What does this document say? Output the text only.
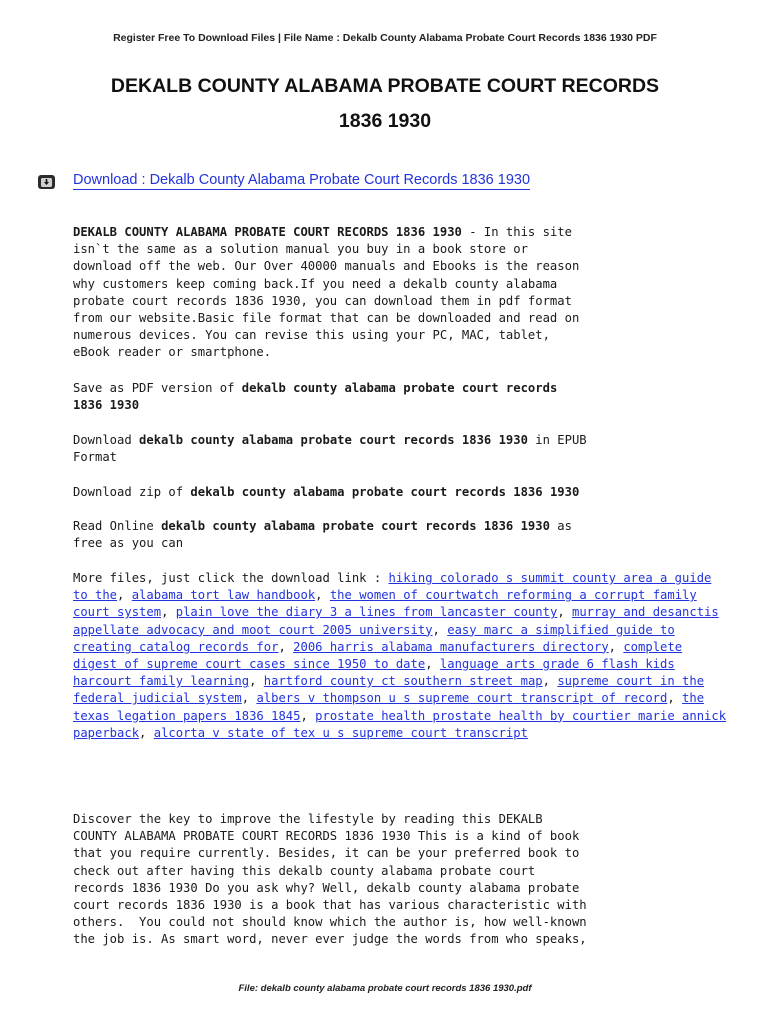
Register Free To Download Files | File Name : Dekalb County Alabama Probate Court Records 1836 1930 PDF
DEKALB COUNTY ALABAMA PROBATE COURT RECORDS
1836 1930
Download : Dekalb County Alabama Probate Court Records 1836 1930
DEKALB COUNTY ALABAMA PROBATE COURT RECORDS 1836 1930 - In this site
isn`t the same as a solution manual you buy in a book store or
download off the web. Our Over 40000 manuals and Ebooks is the reason
why customers keep coming back.If you need a dekalb county alabama
probate court records 1836 1930, you can download them in pdf format
from our website.Basic file format that can be downloaded and read on
numerous devices. You can revise this using your PC, MAC, tablet,
eBook reader or smartphone.
Save as PDF version of dekalb county alabama probate court records
1836 1930
Download dekalb county alabama probate court records 1836 1930 in EPUB
Format
Download zip of dekalb county alabama probate court records 1836 1930
Read Online dekalb county alabama probate court records 1836 1930 as
free as you can
More files, just click the download link : hiking colorado s summit county area a guide to the, alabama tort law handbook, the women of courtwatch reforming a corrupt family court system, plain love the diary 3 a lines from lancaster county, murray and desanctis appellate advocacy and moot court 2005 university, easy marc a simplified guide to creating catalog records for, 2006 harris alabama manufacturers directory, complete digest of supreme court cases since 1950 to date, language arts grade 6 flash kids harcourt family learning, hartford county ct southern street map, supreme court in the federal judicial system, albers v thompson u s supreme court transcript of record, the texas legation papers 1836 1845, prostate health prostate health by courtier marie annick paperback, alcorta v state of tex u s supreme court transcript
Discover the key to improve the lifestyle by reading this DEKALB
COUNTY ALABAMA PROBATE COURT RECORDS 1836 1930 This is a kind of book
that you require currently. Besides, it can be your preferred book to
check out after having this dekalb county alabama probate court
records 1836 1930 Do you ask why? Well, dekalb county alabama probate
court records 1836 1930 is a book that has various characteristic with
others.  You could not should know which the author is, how well-known
the job is. As smart word, never ever judge the words from who speaks,
File: dekalb county alabama probate court records 1836 1930.pdf
